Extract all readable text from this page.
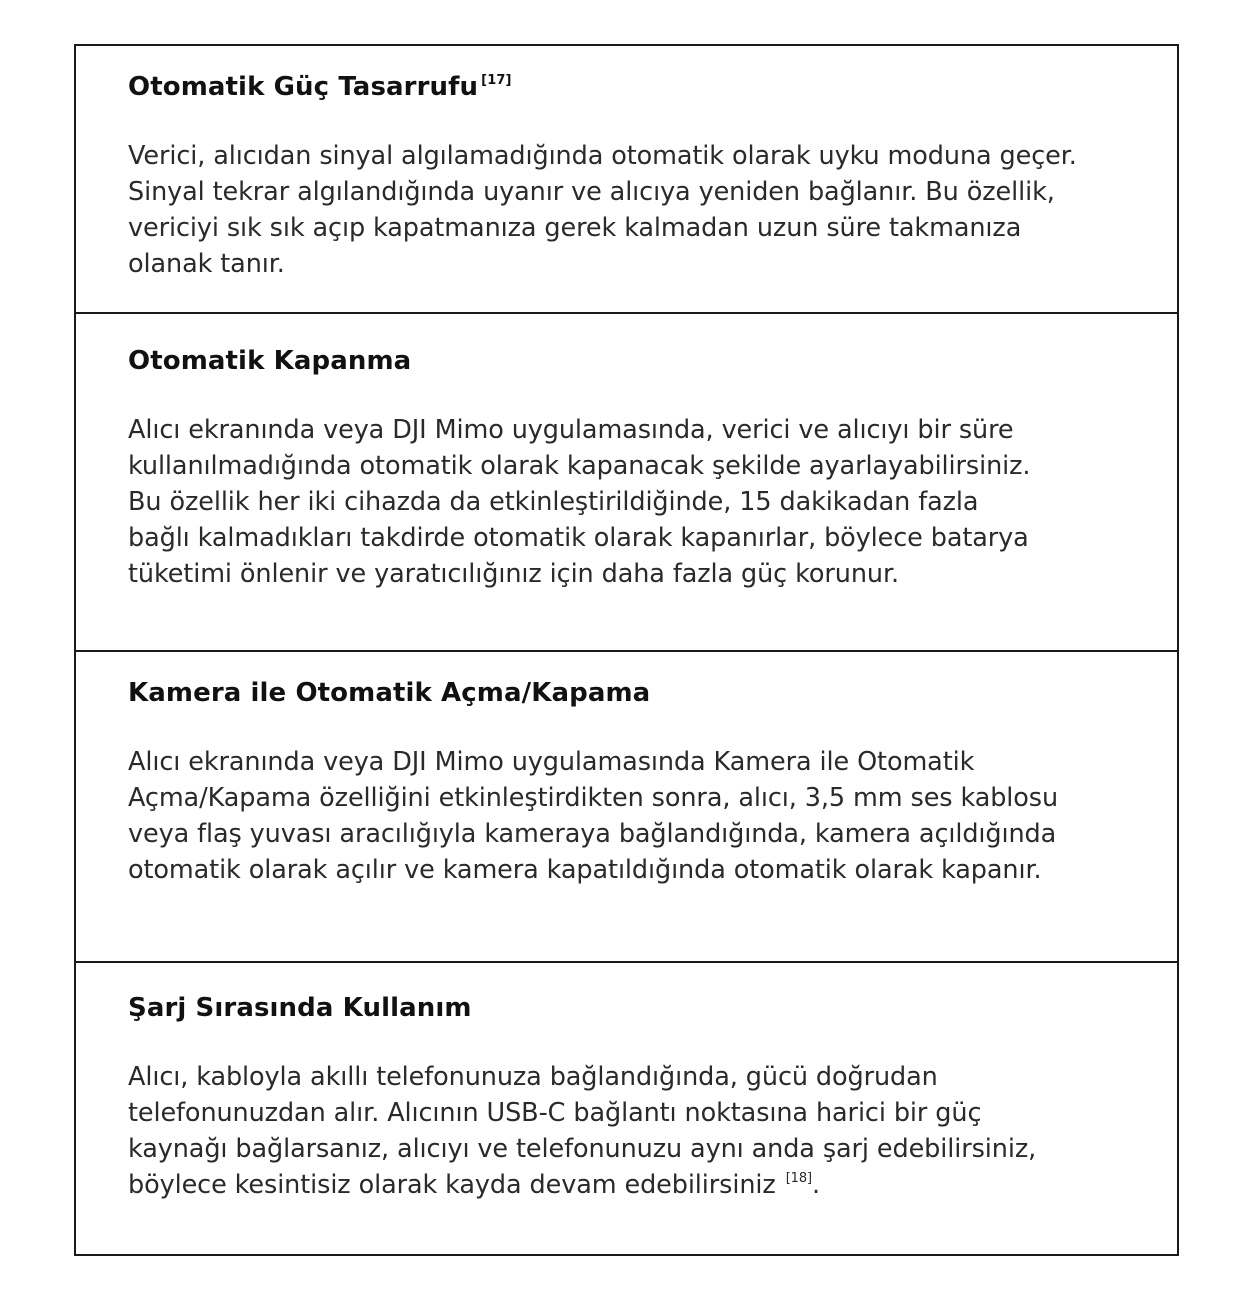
Otomatik Güç Tasarrufu [17]

Verici, alıcıdan sinyal algılamadığında otomatik olarak uyku moduna geçer.
Sinyal tekrar algılandığında uyanır ve alıcıya yeniden bağlanır. Bu özellik,
vericiyi sık sık açıp kapatmanıza gerek kalmadan uzun süre takmanıza
olanak tanır.

Otomatik Kapanma

Alıcı ekranında veya DJI Mimo uygulamasında, verici ve alıcıyı bir süre
kullanılmadığında otomatik olarak kapanacak şekilde ayarlayabilirsiniz.
Bu özellik her iki cihazda da etkinleştirildiğinde, 15 dakikadan fazla
bağlı kalmadıkları takdirde otomatik olarak kapanırlar, böylece batarya
tüketimi önlenir ve yaratıcılığınız için daha fazla güç korunur.

Kamera ile Otomatik Açma/Kapama

Alıcı ekranında veya DJI Mimo uygulamasında Kamera ile Otomatik
Açma/Kapama özelliğini etkinleştirdikten sonra, alıcı, 3,5 mm ses kablosu
veya flaş yuvası aracılığıyla kameraya bağlandığında, kamera açıldığında
otomatik olarak açılır ve kamera kapatıldığında otomatik olarak kapanır.

Şarj Sırasında Kullanım

Alıcı, kabloyla akıllı telefonunuza bağlandığında, gücü doğrudan
telefonunuzdan alır. Alıcının USB-C bağlantı noktasına harici bir güç
kaynağı bağlarsanız, alıcıyı ve telefonunuzu aynı anda şarj edebilirsiniz,
böylece kesintisiz olarak kayda devam edebilirsiniz [18].
